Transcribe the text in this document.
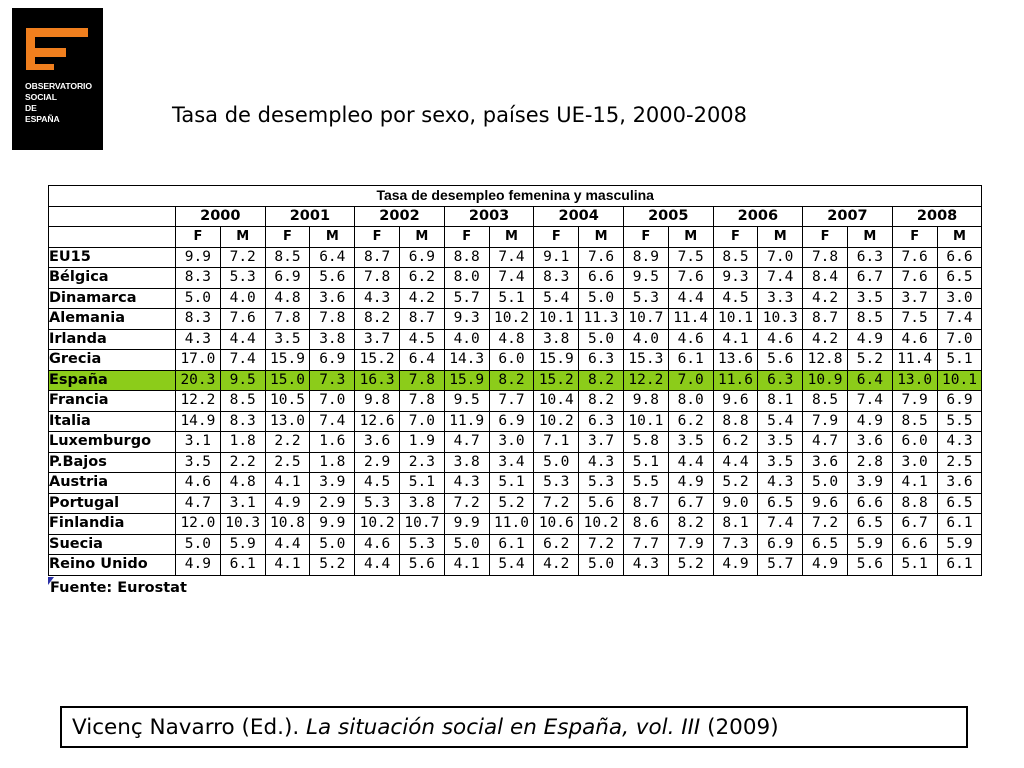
OBSERVATORIO
SOCIAL
DE
ESPAÑA	Tasa de desempleo por sexo, países UE-15, 2000-2008
Tasa de desempleo femenina y masculina																		
	2000		2001		2002		2003		2004		2005		2006		2007		2008	
	F	M	F	M	F	M	F	M	F	M	F	M	F	M	F	M	F	M
EU15	9.9	7.2	8.5	6.4	8.7	6.9	8.8	7.4	9.1	7.6	8.9	7.5	8.5	7.0	7.8	6.3	7.6	6.6
Bélgica	8.3	5.3	6.9	5.6	7.8	6.2	8.0	7.4	8.3	6.6	9.5	7.6	9.3	7.4	8.4	6.7	7.6	6.5
Dinamarca	5.0	4.0	4.8	3.6	4.3	4.2	5.7	5.1	5.4	5.0	5.3	4.4	4.5	3.3	4.2	3.5	3.7	3.0
Alemania	8.3	7.6	7.8	7.8	8.2	8.7	9.3	10.2	10.1	11.3	10.7	11.4	10.1	10.3	8.7	8.5	7.5	7.4
Irlanda	4.3	4.4	3.5	3.8	3.7	4.5	4.0	4.8	3.8	5.0	4.0	4.6	4.1	4.6	4.2	4.9	4.6	7.0
Grecia	17.0	7.4	15.9	6.9	15.2	6.4	14.3	6.0	15.9	6.3	15.3	6.1	13.6	5.6	12.8	5.2	11.4	5.1
España	20.3	9.5	15.0	7.3	16.3	7.8	15.9	8.2	15.2	8.2	12.2	7.0	11.6	6.3	10.9	6.4	13.0	10.1
Francia	12.2	8.5	10.5	7.0	9.8	7.8	9.5	7.7	10.4	8.2	9.8	8.0	9.6	8.1	8.5	7.4	7.9	6.9
Italia	14.9	8.3	13.0	7.4	12.6	7.0	11.9	6.9	10.2	6.3	10.1	6.2	8.8	5.4	7.9	4.9	8.5	5.5
Luxemburgo	3.1	1.8	2.2	1.6	3.6	1.9	4.7	3.0	7.1	3.7	5.8	3.5	6.2	3.5	4.7	3.6	6.0	4.3
P.Bajos	3.5	2.2	2.5	1.8	2.9	2.3	3.8	3.4	5.0	4.3	5.1	4.4	4.4	3.5	3.6	2.8	3.0	2.5
Austria	4.6	4.8	4.1	3.9	4.5	5.1	4.3	5.1	5.3	5.3	5.5	4.9	5.2	4.3	5.0	3.9	4.1	3.6
Portugal	4.7	3.1	4.9	2.9	5.3	3.8	7.2	5.2	7.2	5.6	8.7	6.7	9.0	6.5	9.6	6.6	8.8	6.5
Finlandia	12.0	10.3	10.8	9.9	10.2	10.7	9.9	11.0	10.6	10.2	8.6	8.2	8.1	7.4	7.2	6.5	6.7	6.1
Suecia	5.0	5.9	4.4	5.0	4.6	5.3	5.0	6.1	6.2	7.2	7.7	7.9	7.3	6.9	6.5	5.9	6.6	5.9
Reino Unido	4.9	6.1	4.1	5.2	4.4	5.6	4.1	5.4	4.2	5.0	4.3	5.2	4.9	5.7	4.9	5.6	5.1	6.1
Fuente: Eurostat
Vicenç Navarro (Ed.). La situación social en España, vol. III (2009)
